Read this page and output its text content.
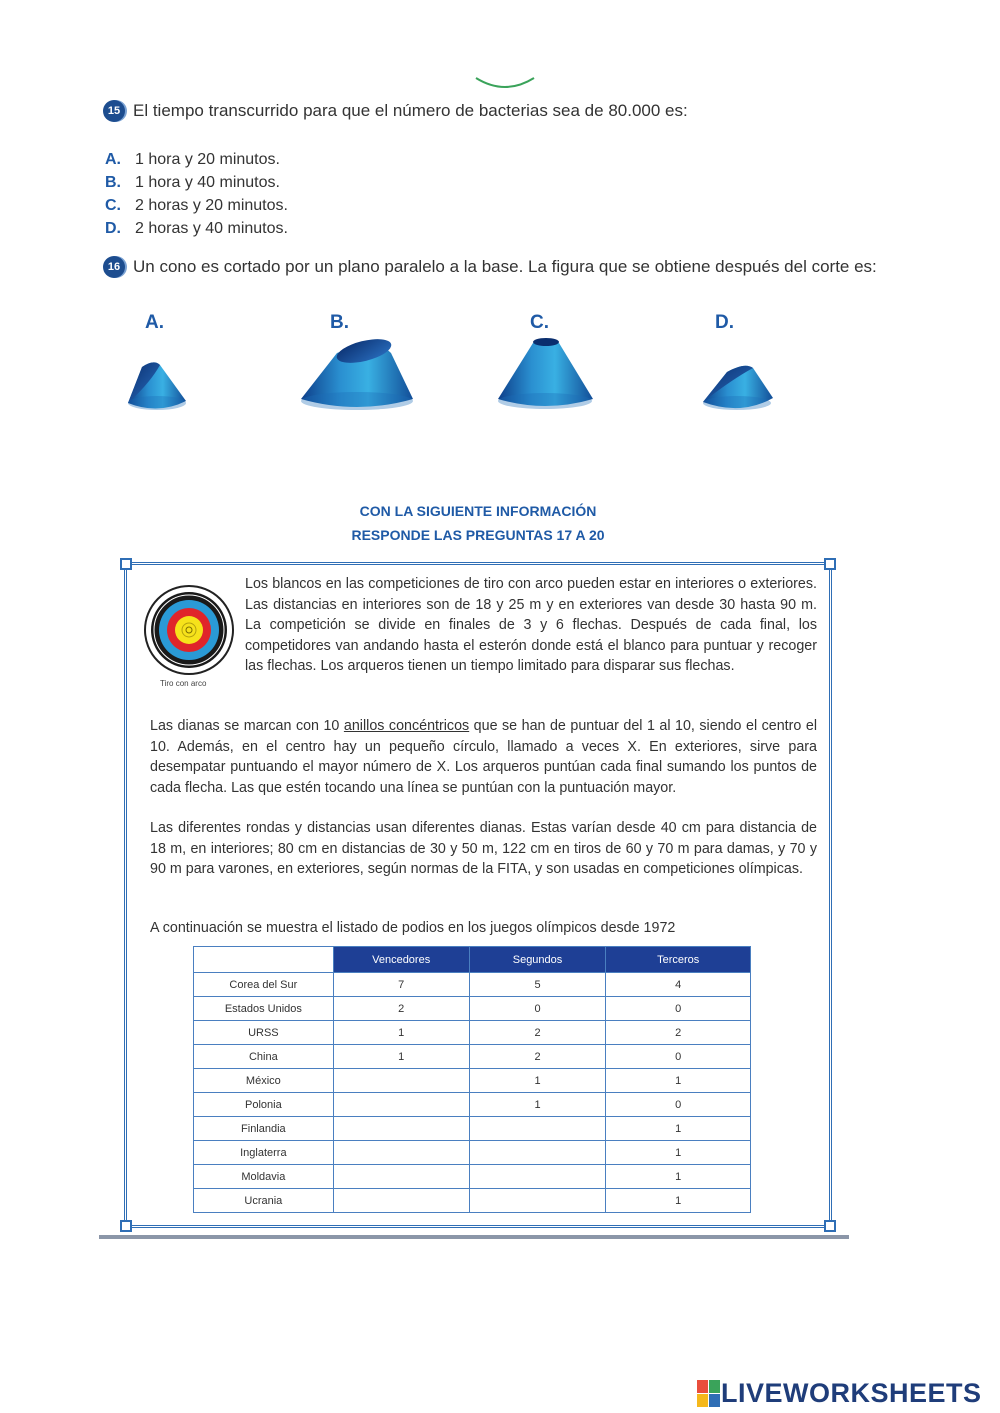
15 El tiempo transcurrido para que el número de bacterias sea de 80.000 es:
A. 1 hora y 20 minutos.
B. 1 hora y 40 minutos.
C. 2 horas y 20 minutos.
D. 2 horas y 40 minutos.
16 Un cono es cortado por un plano paralelo a la base. La figura que se obtiene después del corte es:
A.	B.	C.	D.
CON LA SIGUIENTE INFORMACIÓN
RESPONDE LAS PREGUNTAS 17 A 20
Tiro con arco
Los blancos en las competiciones de tiro con arco pueden estar en interiores o exteriores. Las distancias en interiores son de 18 y 25 m y en exteriores van desde 30 hasta 90 m. La competición se divide en finales de 3 y 6 flechas. Después de cada final, los competidores van andando hasta el esterón donde está el blanco para puntuar y recoger las flechas. Los arqueros tienen un tiempo limitado para disparar sus flechas.
Las dianas se marcan con 10 anillos concéntricos que se han de puntuar del 1 al 10, siendo el centro el 10. Además, en el centro hay un pequeño círculo, llamado a veces X. En exteriores, sirve para desempatar puntuando el mayor número de X. Los arqueros puntúan cada final sumando los puntos de cada flecha. Las que estén tocando una línea se puntúan con la puntuación mayor.
Las diferentes rondas y distancias usan diferentes dianas. Estas varían desde 40 cm para distancia de 18 m, en interiores; 80 cm en distancias de 30 y 50 m, 122 cm en tiros de 60 y 70 m para damas, y 70 y 90 m para varones, en exteriores, según normas de la FITA, y son usadas en competiciones olímpicas.
A continuación se muestra el listado de podios en los juegos olímpicos desde 1972
	Vencedores	Segundos	Terceros
Corea del Sur	7	5	4
Estados Unidos	2	0	0
URSS	1	2	2
China	1	2	0
México		1	1
Polonia		1	0
Finlandia			1
Inglaterra			1
Moldavia			1
Ucrania			1
LIVEWORKSHEETS
